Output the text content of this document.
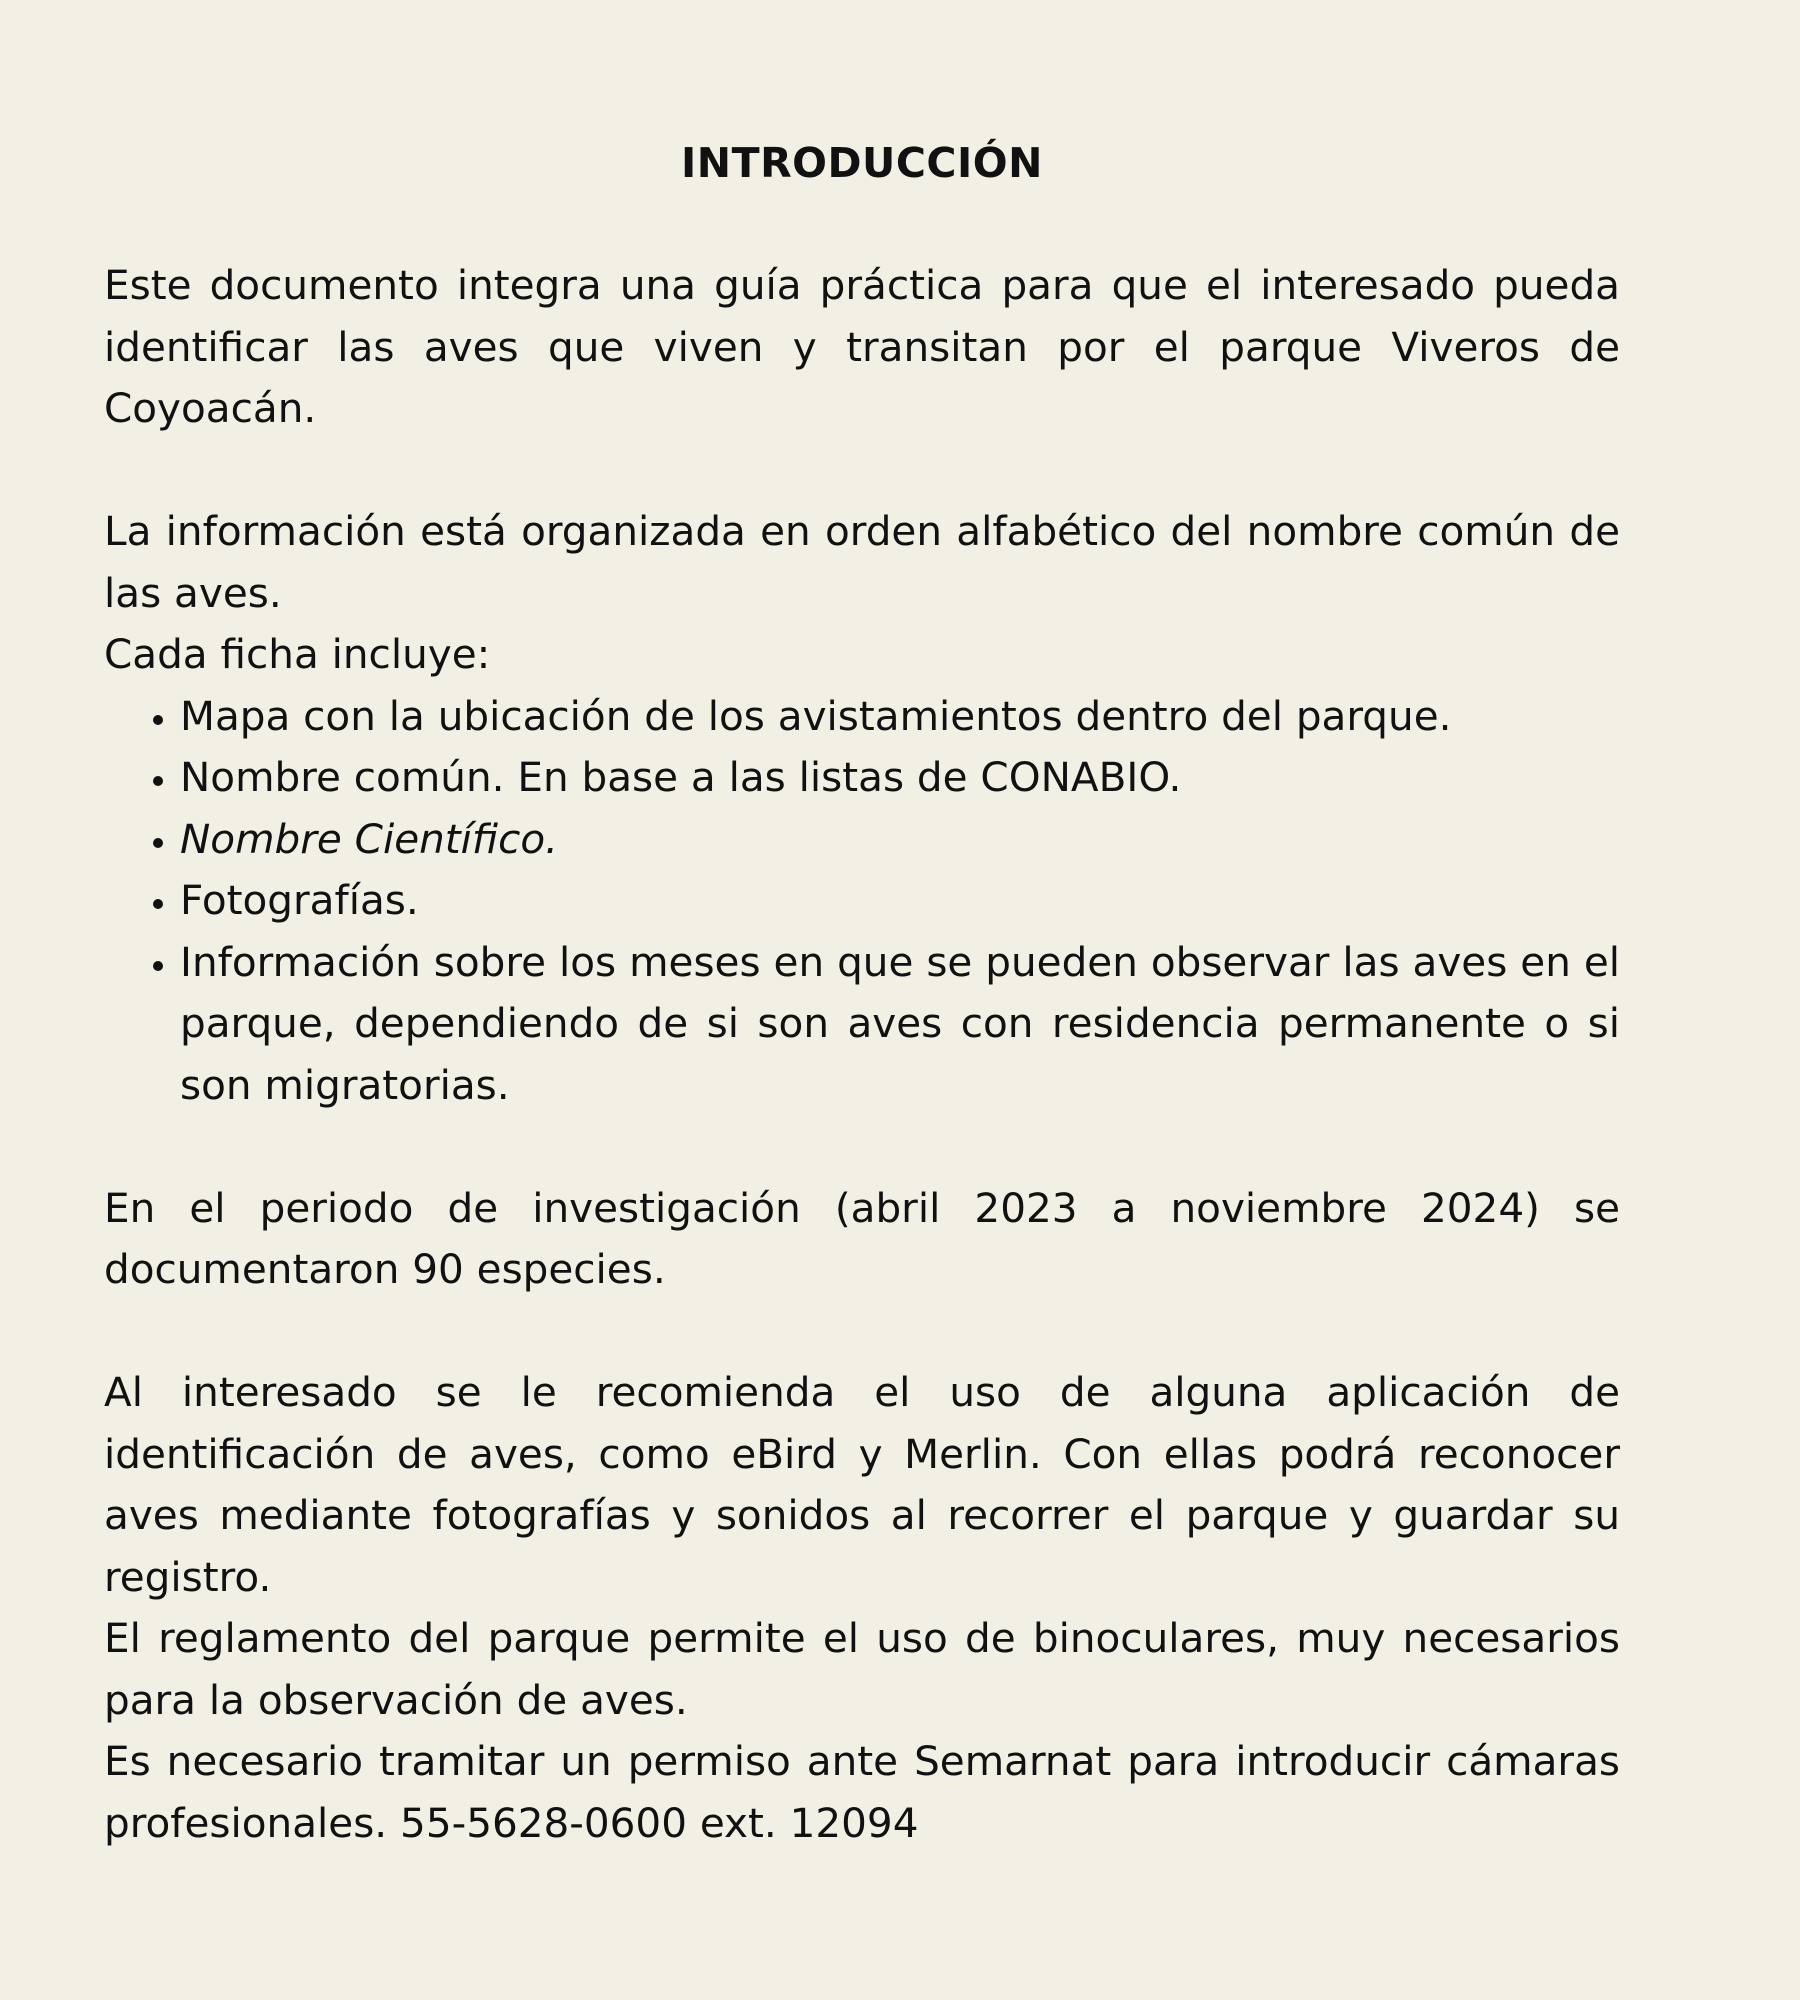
INTRODUCCIÓN

Este documento integra una guía práctica para que el interesado pueda identificar las aves que viven y transitan por el parque Viveros de Coyoacán.

La información está organizada en orden alfabético del nombre común de las aves.

Cada ficha incluye:

• Mapa con la ubicación de los avistamientos dentro del parque.
• Nombre común. En base a las listas de CONABIO.
• Nombre Científico.
• Fotografías.
• Información sobre los meses en que se pueden observar las aves en el parque, dependiendo de si son aves con residencia permanente o si son migratorias.

En el periodo de investigación (abril 2023 a noviembre 2024) se documentaron 90 especies.

Al interesado se le recomienda el uso de alguna aplicación de identificación de aves, como eBird y Merlin. Con ellas podrá reconocer aves mediante fotografías y sonidos al recorrer el parque y guardar su registro.

El reglamento del parque permite el uso de binoculares, muy necesarios para la observación de aves.

Es necesario tramitar un permiso ante Semarnat para introducir cámaras profesionales. 55-5628-0600 ext. 12094
